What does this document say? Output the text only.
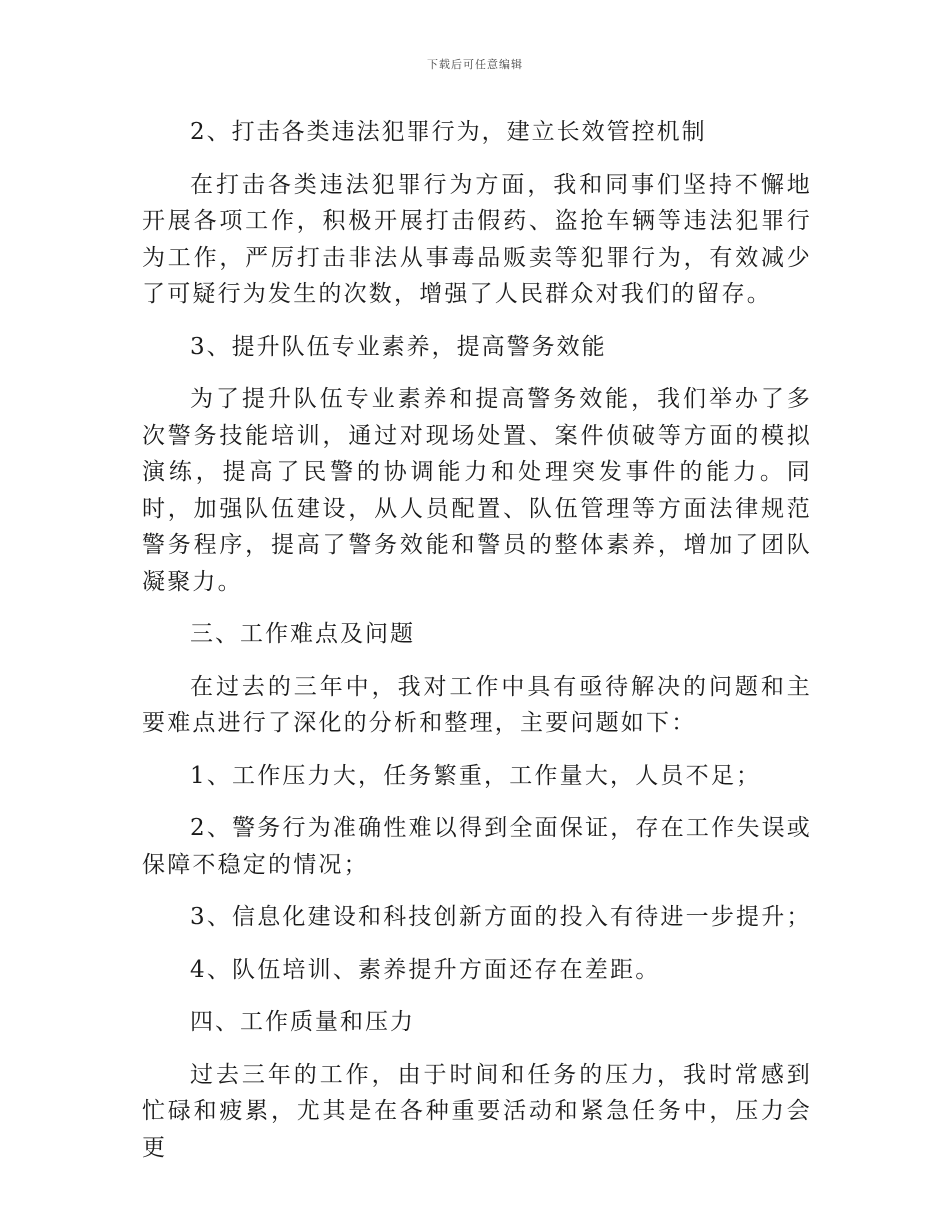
下载后可任意编辑

2、打击各类违法犯罪行为，建立长效管控机制

在打击各类违法犯罪行为方面，我和同事们坚持不懈地开展各项工作，积极开展打击假药、盗抢车辆等违法犯罪行为工作，严厉打击非法从事毒品贩卖等犯罪行为，有效减少了可疑行为发生的次数，增强了人民群众对我们的留存。

3、提升队伍专业素养，提高警务效能

为了提升队伍专业素养和提高警务效能，我们举办了多次警务技能培训，通过对现场处置、案件侦破等方面的模拟演练，提高了民警的协调能力和处理突发事件的能力。同时，加强队伍建设，从人员配置、队伍管理等方面法律规范警务程序，提高了警务效能和警员的整体素养，增加了团队凝聚力。

三、工作难点及问题

在过去的三年中，我对工作中具有亟待解决的问题和主要难点进行了深化的分析和整理，主要问题如下：

1、工作压力大，任务繁重，工作量大，人员不足；

2、警务行为准确性难以得到全面保证，存在工作失误或保障不稳定的情况；

3、信息化建设和科技创新方面的投入有待进一步提升；

4、队伍培训、素养提升方面还存在差距。

四、工作质量和压力

过去三年的工作，由于时间和任务的压力，我时常感到忙碌和疲累，尤其是在各种重要活动和紧急任务中，压力会更
